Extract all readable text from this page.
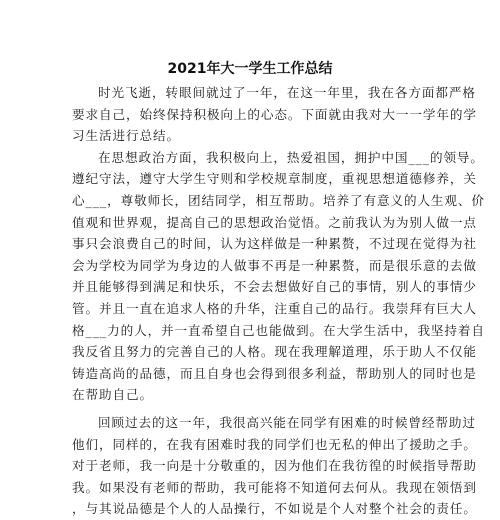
2021年大一学生工作总结

时光飞逝，转眼间就过了一年，在这一年里，我在各方面都严格
要求自己，始终保持积极向上的心态。下面就由我对大一一学年的学
习生活进行总结。

在思想政治方面，我积极向上，热爱祖国，拥护中国___的领导。
遵纪守法，遵守大学生守则和学校规章制度，重视思想道德修养，关
心___，尊敬师长，团结同学，相互帮助。培养了有意义的人生观、价
值观和世界观，提高自己的思想政治觉悟。之前我认为为别人做一点
事只会浪费自己的时间，认为这样做是一种累赘，不过现在觉得为社
会为学校为同学为身边的人做事不再是一种累赘，而是很乐意的去做
并且能够得到满足和快乐，不会去想做好自己的事情，别人的事情少
管。并且一直在追求人格的升华，注重自己的品行。我崇拜有巨大人
格___力的人，并一直希望自己也能做到。在大学生活中，我坚持着自
我反省且努力的完善自己的人格。现在我理解道理，乐于助人不仅能
铸造高尚的品德，而且自身也会得到很多利益，帮助别人的同时也是
在帮助自己。

回顾过去的这一年，我很高兴能在同学有困难的时候曾经帮助过
他们，同样的，在我有困难时我的同学们也无私的伸出了援助之手。
对于老师，我一向是十分敬重的，因为他们在我彷徨的时候指导帮助
我。如果没有老师的帮助，我可能将不知道何去何从。我现在领悟到
，与其说品德是个人的人品操行，不如说是个人对整个社会的责任。
